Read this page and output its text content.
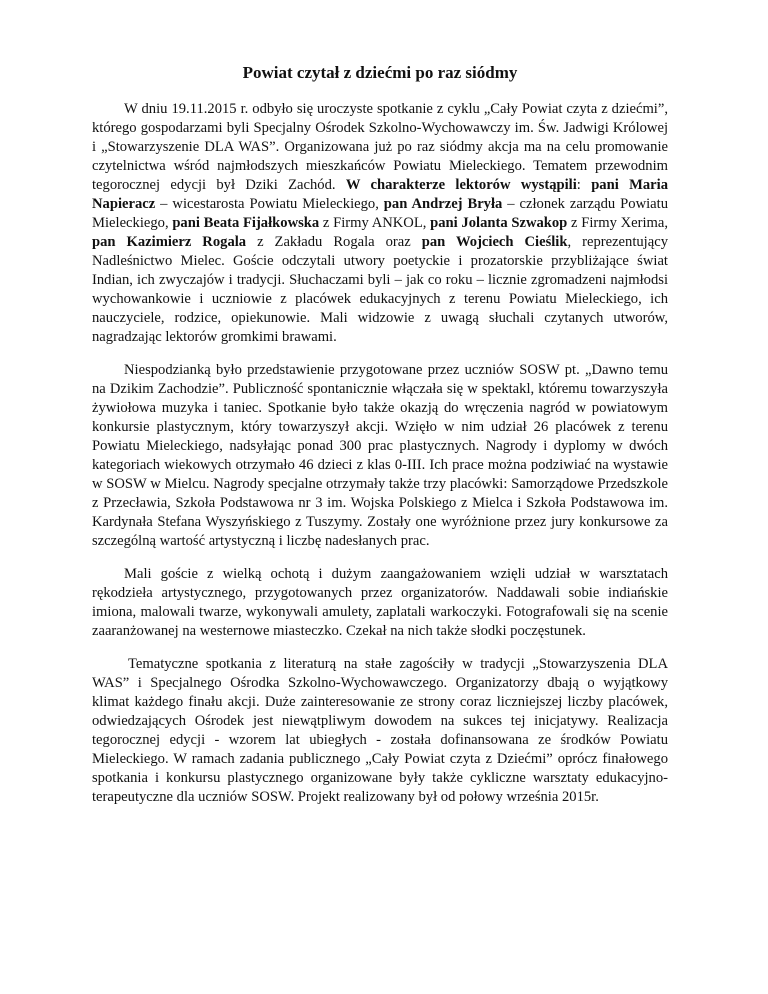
Powiat czytał z dziećmi po raz siódmy

W dniu 19.11.2015 r. odbyło się uroczyste spotkanie z cyklu „Cały Powiat czyta z dziećmi”, którego gospodarzami byli Specjalny Ośrodek Szkolno-Wychowawczy im. Św. Jadwigi Królowej i „Stowarzyszenie DLA WAS”. Organizowana już po raz siódmy akcja ma na celu promowanie czytelnictwa wśród najmłodszych mieszkańców Powiatu Mieleckiego. Tematem przewodnim tegorocznej edycji był Dziki Zachód. W charakterze lektorów wystąpili: pani Maria Napieracz – wicestarosta Powiatu Mieleckiego, pan Andrzej Bryła – członek zarządu Powiatu Mieleckiego, pani Beata Fijałkowska z Firmy ANKOL, pani Jolanta Szwakop z Firmy Xerima, pan Kazimierz Rogala z Zakładu Rogala oraz pan Wojciech Cieślik, reprezentujący Nadleśnictwo Mielec. Goście odczytali utwory poetyckie i prozatorskie przybliżające świat Indian, ich zwyczajów i tradycji. Słuchaczami byli – jak co roku – licznie zgromadzeni najmłodsi wychowankowie i uczniowie z placówek edukacyjnych z terenu Powiatu Mieleckiego, ich nauczyciele, rodzice, opiekunowie. Mali widzowie z uwagą słuchali czytanych utworów, nagradzając lektorów gromkimi brawami.

Niespodzianką było przedstawienie przygotowane przez uczniów SOSW pt. „Dawno temu na Dzikim Zachodzie”. Publiczność spontanicznie włączała się w spektakl, któremu towarzyszyła żywiołowa muzyka i taniec. Spotkanie było także okazją do wręczenia nagród w powiatowym konkursie plastycznym, który towarzyszył akcji. Wzięło w nim udział 26 placówek z terenu Powiatu Mieleckiego, nadsyłając ponad 300 prac plastycznych. Nagrody i dyplomy w dwóch kategoriach wiekowych otrzymało 46 dzieci z klas 0-III. Ich prace można podziwiać na wystawie w SOSW w Mielcu. Nagrody specjalne otrzymały także trzy placówki: Samorządowe Przedszkole z Przecławia, Szkoła Podstawowa nr 3 im. Wojska Polskiego z Mielca i Szkoła Podstawowa im. Kardynała Stefana Wyszyńskiego z Tuszymy. Zostały one wyróżnione przez jury konkursowe za szczególną wartość artystyczną i liczbę nadesłanych prac.

Mali goście z wielką ochotą i dużym zaangażowaniem wzięli udział w warsztatach rękodzieła artystycznego, przygotowanych przez organizatorów. Naddawali sobie indiańskie imiona, malowali twarze, wykonywali amulety, zaplatali warkoczyki. Fotografowali się na scenie zaaranżowanej na westernowe miasteczko. Czekał na nich także słodki poczęstunek.

Tematyczne spotkania z literaturą na stałe zagościły w tradycji „Stowarzyszenia DLA WAS” i Specjalnego Ośrodka Szkolno-Wychowawczego. Organizatorzy dbają o wyjątkowy klimat każdego finału akcji. Duże zainteresowanie ze strony coraz liczniejszej liczby placówek, odwiedzających Ośrodek jest niewątpliwym dowodem na sukces tej inicjatywy. Realizacja tegorocznej edycji - wzorem lat ubiegłych - została dofinansowana ze środków Powiatu Mieleckiego. W ramach zadania publicznego „Cały Powiat czyta z Dziećmi” oprócz finałowego spotkania i konkursu plastycznego organizowane były także cykliczne warsztaty edukacyjno-terapeutyczne dla uczniów SOSW. Projekt realizowany był od połowy września 2015r.
